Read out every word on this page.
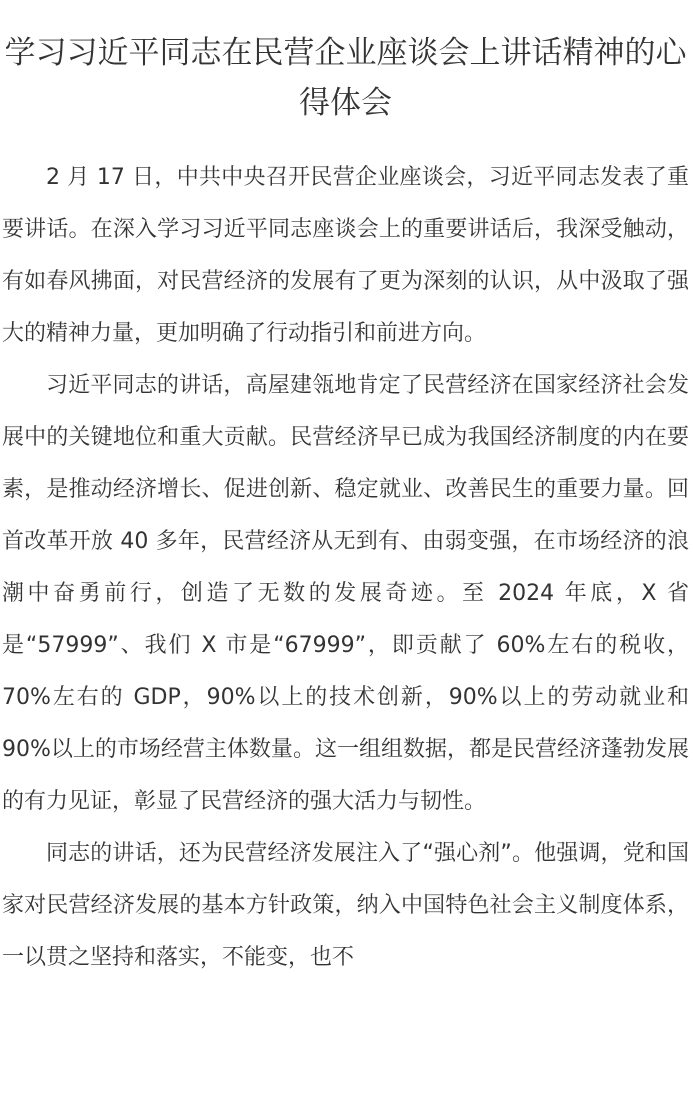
学习习近平同志在民营企业座谈会上讲话精神的心得体会

2 月 17 日，中共中央召开民营企业座谈会，习近平同志发表了重要讲话。在深入学习习近平同志座谈会上的重要讲话后，我深受触动，有如春风拂面，对民营经济的发展有了更为深刻的认识，从中汲取了强大的精神力量，更加明确了行动指引和前进方向。

习近平同志的讲话，高屋建瓴地肯定了民营经济在国家经济社会发展中的关键地位和重大贡献。民营经济早已成为我国经济制度的内在要素，是推动经济增长、促进创新、稳定就业、改善民生的重要力量。回首改革开放 40 多年，民营经济从无到有、由弱变强，在市场经济的浪潮中奋勇前行，创造了无数的发展奇迹。至 2024 年底，X 省是“57999”、我们 X 市是“67999”，即贡献了 60%左右的税收，70%左右的 GDP，90%以上的技术创新，90%以上的劳动就业和 90%以上的市场经营主体数量。这一组组数据，都是民营经济蓬勃发展的有力见证，彰显了民营经济的强大活力与韧性。

同志的讲话，还为民营经济发展注入了“强心剂”。他强调，党和国家对民营经济发展的基本方针政策，纳入中国特色社会主义制度体系，一以贯之坚持和落实，不能变，也不
